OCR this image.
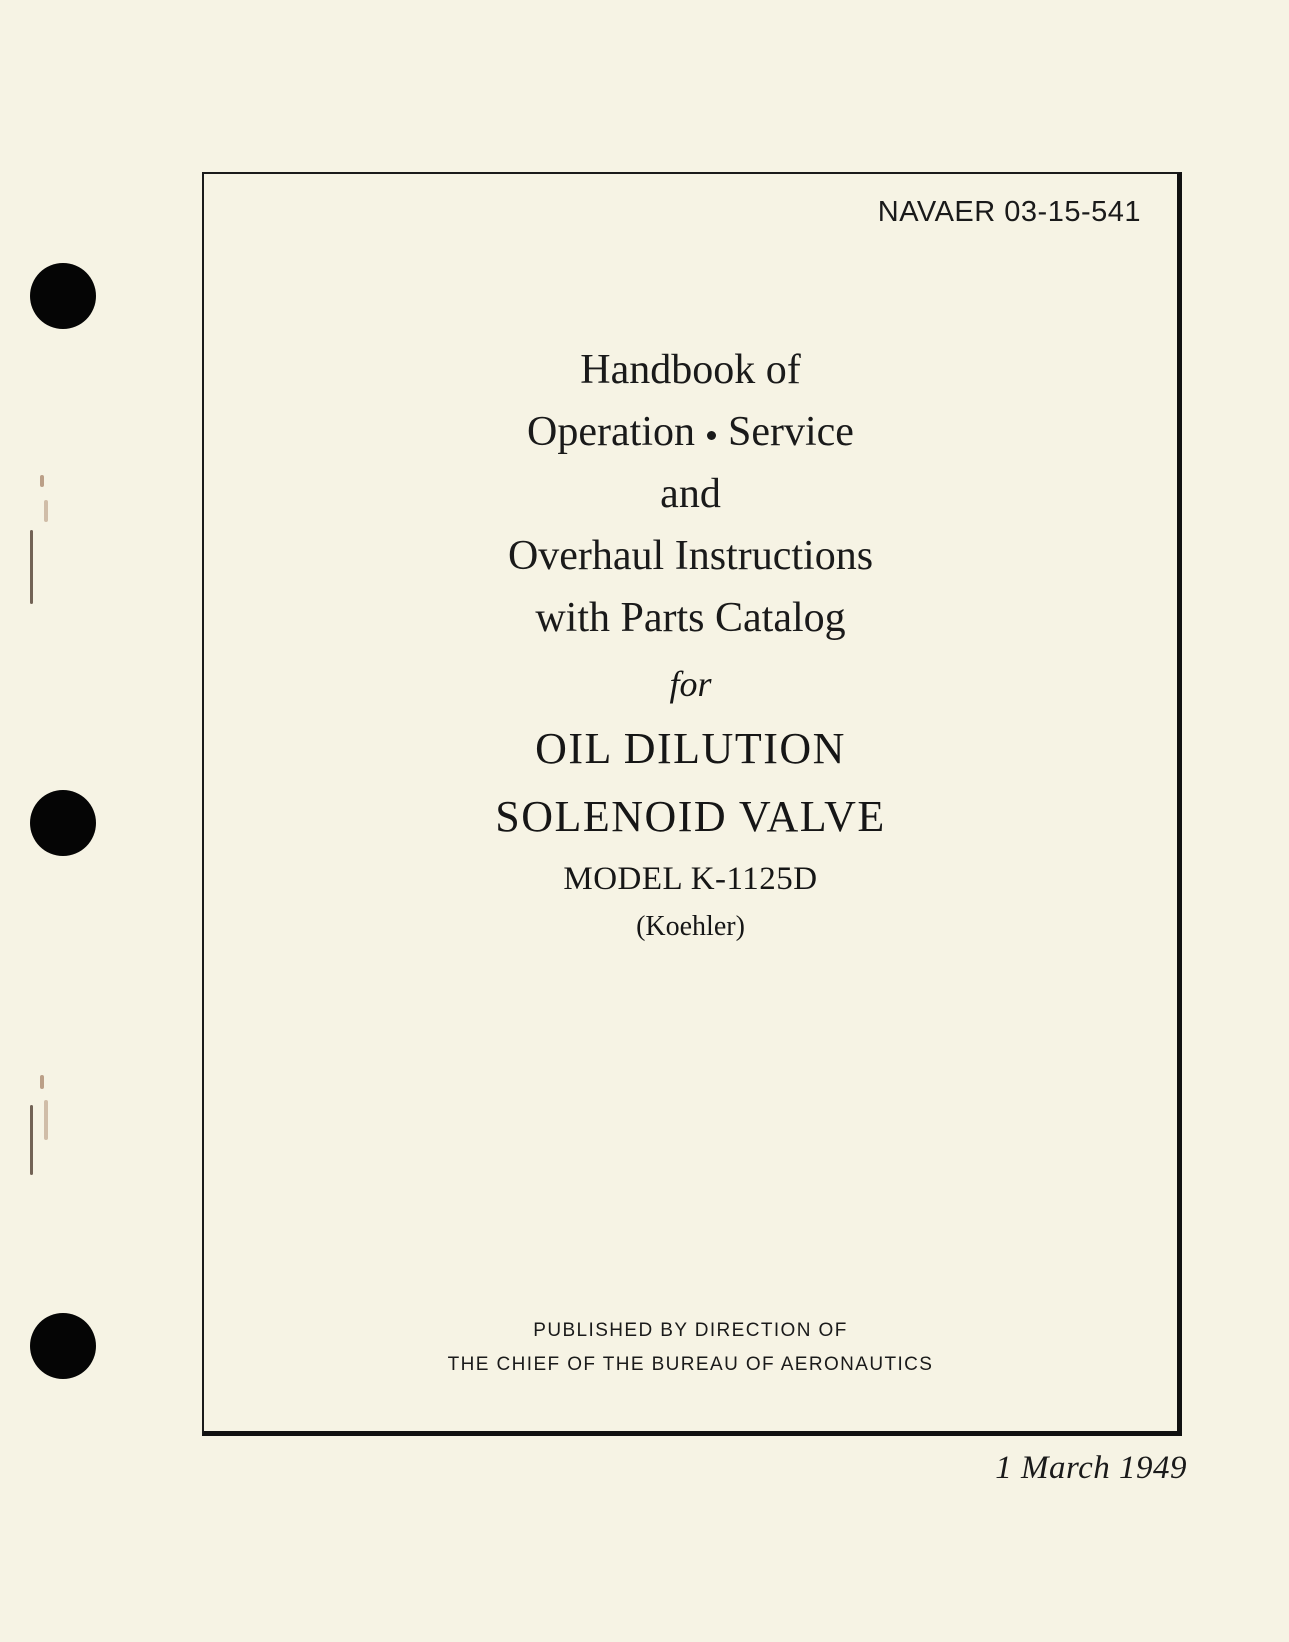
NAVAER 03-15-541
Handbook of
Operation Service
and
Overhaul Instructions
with Parts Catalog
for
OIL DILUTION
SOLENOID VALVE
MODEL K-1125D
(Koehler)
PUBLISHED BY DIRECTION OF
THE CHIEF OF THE BUREAU OF AERONAUTICS
1 March 1949
